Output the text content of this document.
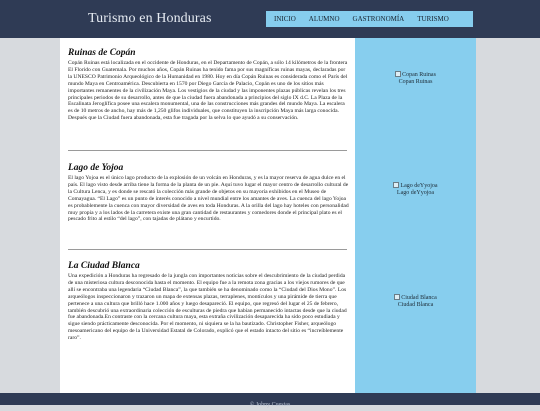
Turismo en Honduras	INICIO	ALUMNO	GASTRONOMÍA	TURISMO
Ruinas de Copán

Copán Ruinas está localizada en el occidente de Honduras, en el Departamento de Copán, a sólo 14 kilómetros de la frontera El Florido con Guatemala. Por muchos años, Copán Ruinas ha tenido fama por sus magníficas ruinas mayas, declaradas por la UNESCO Patrimonio Arqueológico de la Humanidad en 1980. Hoy en día Copán Ruinas es considerada como el París del mundo Maya en Centroamérica. Descubierta en 1570 por Diego García de Palacio, Copán es uno de los sitios más importantes remanentes de la civilización Maya. Los vestigios de la ciudad y las imponentes plazas públicas revelan los tres principales periodos de su desarrollo, antes de que la ciudad fuera abandonada a principios del siglo IX d.C. La Plaza de la Escalinata Jeroglífica posee una escalera monumental, una de las construcciones más grandes del mundo Maya. La escalera es de 10 metros de ancho, hay más de 1,250 glifos individuales, que constituyen la inscripción Maya más larga conocida. Después que la Ciudad fuera abandonada, esta fue tragada por la selva lo que ayudó a su conservación.

Lago de Yojoa

El lago Yojoa es el único lago producto de la explosión de un volcán en Honduras, y es la mayor reserva de agua dulce en el país. El lago visto desde arriba tiene la forma de la planta de un pie. Aquí tuvo lugar el mayor centro de desarrollo cultural de la Cultura Lenca, y es donde se rescató la colección más grande de objetos en su mayoría exhibidos en el Museo de Comayagua. “El Lago” es un punto de interés conocido a nivel mundial entre los amantes de aves. La cuenca del lago Yojoa es probablemente la cuenca con mayor diversidad de aves en toda Honduras. A la orilla del lago hay hoteles con personalidad muy propia y a los lados de la carretera existe una gran cantidad de restaurantes y comedores donde el principal plato es el pescado frito al estilo “del lago”, con tajadas de plátano y encurtido.

La Ciudad Blanca

Una expedición a Honduras ha regresado de la jungla con importantes noticias sobre el descubrimiento de la ciudad perdida de una misteriosa cultura desconocida hasta el momento. El equipo fue a la remota zona gracias a los viejos rumores de que allí se encontraba una legendaria “Ciudad Blanca”, la que también se ha denominado como la “Ciudad del Dios Mono”. Los arqueólogos inspeccionaron y trazaron un mapa de extensas plazas, terraplenes, montículos y una pirámide de tierra que pertenece a una cultura que brilló hace 1.000 años y luego desapareció. El equipo, que regresó del lugar el 25 de febrero, también descubrió una extraordinaria colección de esculturas de piedra que habían permanecido intactas desde que la ciudad fue abandonada.En contraste con la cercana cultura maya, esta extraña civilización desaparecida ha sido poco estudiada y sigue siendo prácticamente desconocida. Por el momento, ni siquiera se la ha bautizado. Christopher Fisher, arqueólogo mesoamericano del equipo de la Universidad Estatal de Colorado, explicó que el estado intacto del sitio es “increíblemente raro”.

Copan Ruinas
Copan Ruinas
Lago deYyojoa
Lago deYyojoa
Ciudad Blanca
Ciudad Blanca
© Johny Cuestas
